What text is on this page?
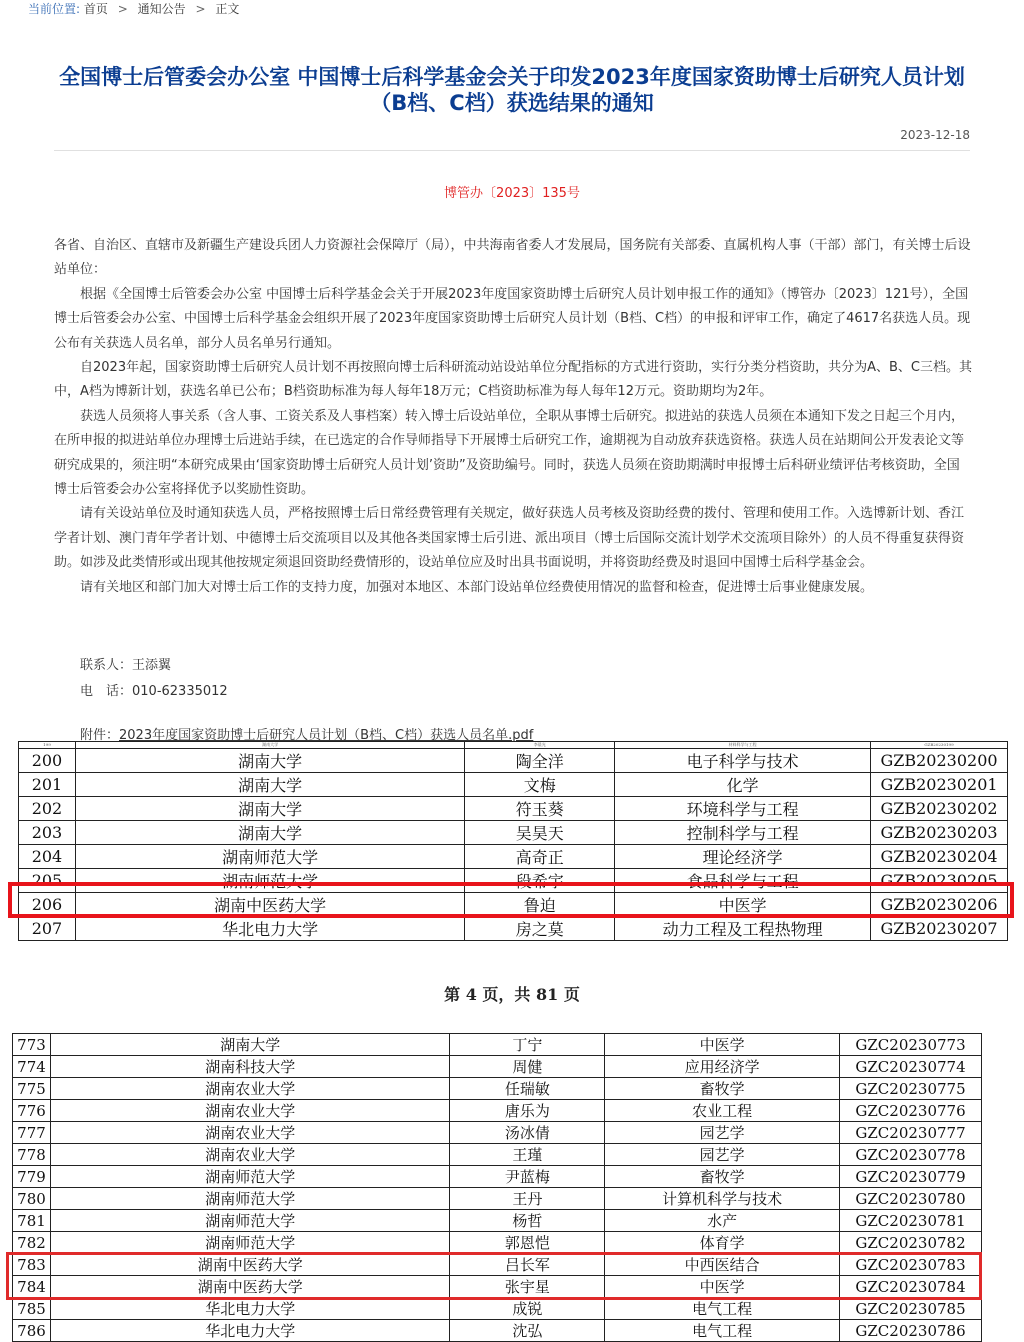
当前位置: 首页 > 通知公告 > 正文
全国博士后管委会办公室 中国博士后科学基金会关于印发2023年度国家资助博士后研究人员计划 （B档、C档）获选结果的通知
2023-12-18
博管办〔2023〕135号

各省、自治区、直辖市及新疆生产建设兵团人力资源社会保障厅（局），中共海南省委人才发展局，国务院有关部委、直属机构人事（干部）部门，有关博士后设站单位：

根据《全国博士后管委会办公室 中国博士后科学基金会关于开展2023年度国家资助博士后研究人员计划申报工作的通知》（博管办〔2023〕121号），全国博士后管委会办公室、中国博士后科学基金会组织开展了2023年度国家资助博士后研究人员计划（B档、C档）的申报和评审工作，确定了4617名获选人员。现公布有关获选人员名单，部分人员名单另行通知。

自2023年起，国家资助博士后研究人员计划不再按照向博士后科研流动站设站单位分配指标的方式进行资助，实行分类分档资助，共分为A、B、C三档。其中，A档为博新计划，获选名单已公布；B档资助标准为每人每年18万元；C档资助标准为每人每年12万元。资助期均为2年。

获选人员须将人事关系（含人事、工资关系及人事档案）转入博士后设站单位，全职从事博士后研究。拟进站的获选人员须在本通知下发之日起三个月内，在所申报的拟进站单位办理博士后进站手续，在已选定的合作导师指导下开展博士后研究工作，逾期视为自动放弃获选资格。获选人员在站期间公开发表论文等研究成果的，须注明“本研究成果由‘国家资助博士后研究人员计划’资助”及资助编号。同时，获选人员须在资助期满时申报博士后科研业绩评估考核资助，全国博士后管委会办公室将择优予以奖励性资助。

请有关设站单位及时通知获选人员，严格按照博士后日常经费管理有关规定，做好获选人员考核及资助经费的拨付、管理和使用工作。入选博新计划、香江学者计划、澳门青年学者计划、中德博士后交流项目以及其他各类国家博士后引进、派出项目（博士后国际交流计划学术交流项目除外）的人员不得重复获得资助。如涉及此类情形或出现其他按规定须退回资助经费情形的，设站单位应及时出具书面说明，并将资助经费及时退回中国博士后科学基金会。

请有关地区和部门加大对博士后工作的支持力度，加强对本地区、本部门设站单位经费使用情况的监督和检查，促进博士后事业健康发展。

联系人：王添翼
电　话：010-62335012
附件：2023年度国家资助博士后研究人员计划（B档、C档）获选人员名单.pdf
199	湖南大学	李晨光	材料科学与工程	GZB20230199
200	湖南大学	陶全洋	电子科学与技术	GZB20230200
201	湖南大学	文梅	化学	GZB20230201
202	湖南大学	符玉葵	环境科学与工程	GZB20230202
203	湖南大学	吴昊天	控制科学与工程	GZB20230203
204	湖南师范大学	高奇正	理论经济学	GZB20230204
205	湖南师范大学	段希宇	食品科学与工程	GZB20230205
206	湖南中医药大学	鲁迫	中医学	GZB20230206
207	华北电力大学	房之莫	动力工程及工程热物理	GZB20230207
第 4 页，共 81 页
773	湖南大学	丁宁	中医学	GZC20230773
774	湖南科技大学	周健	应用经济学	GZC20230774
775	湖南农业大学	任瑞敏	畜牧学	GZC20230775
776	湖南农业大学	唐乐为	农业工程	GZC20230776
777	湖南农业大学	汤冰倩	园艺学	GZC20230777
778	湖南农业大学	王瑾	园艺学	GZC20230778
779	湖南师范大学	尹蓝梅	畜牧学	GZC20230779
780	湖南师范大学	王丹	计算机科学与技术	GZC20230780
781	湖南师范大学	杨哲	水产	GZC20230781
782	湖南师范大学	郭恩恺	体育学	GZC20230782
783	湖南中医药大学	吕长军	中西医结合	GZC20230783
784	湖南中医药大学	张宇星	中医学	GZC20230784
785	华北电力大学	成锐	电气工程	GZC20230785
786	华北电力大学	沈弘	电气工程	GZC20230786
